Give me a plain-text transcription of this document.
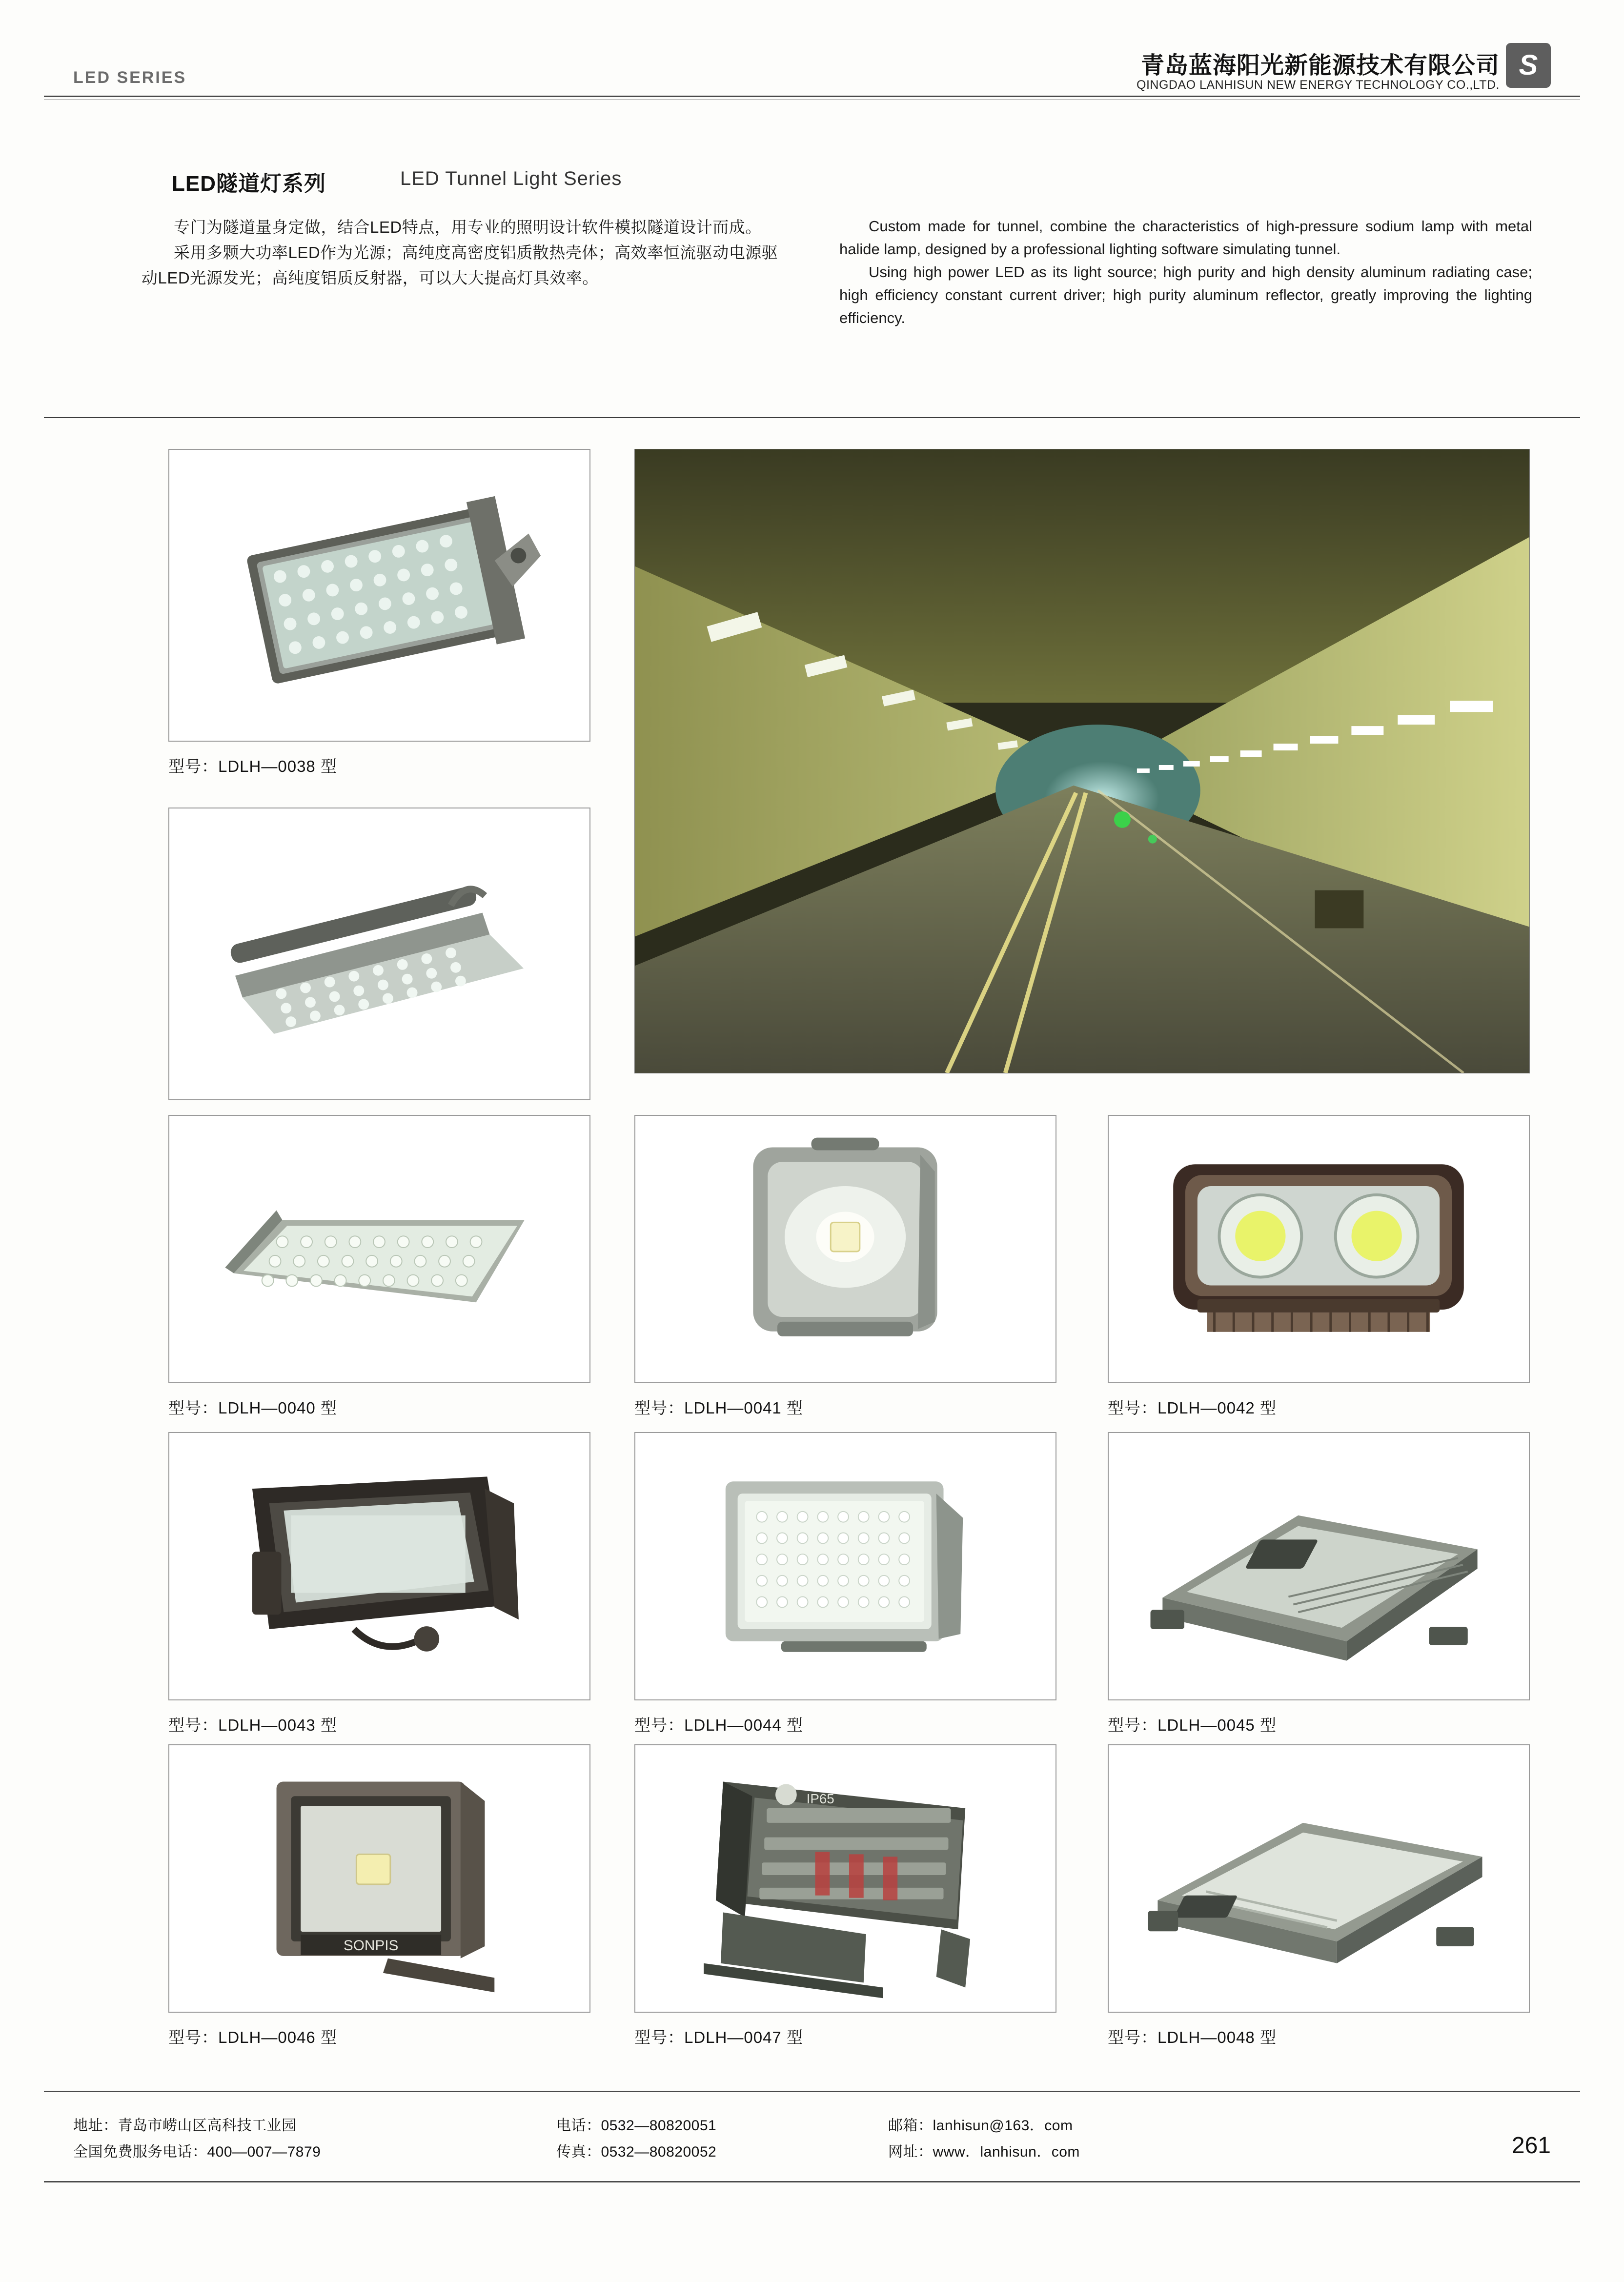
LED SERIES	青岛蓝海阳光新能源技术有限公司
QINGDAO LANHISUN NEW ENERGY TECHNOLOGY CO.,LTD.
S
LED隧道灯系列	LED Tunnel Light Series

专门为隧道量身定做，结合LED特点，用专业的照明设计软件模拟隧道设计而成。

采用多颗大功率LED作为光源；高纯度高密度铝质散热壳体；高效率恒流驱动电源驱动LED光源发光；高纯度铝质反射器，可以大大提高灯具效率。

Custom made for tunnel, combine the characteristics of high-pressure sodium lamp with metal halide lamp, designed by a professional lighting software simulating tunnel.

Using high power LED as its light source; high purity and high density aluminum radiating case; high efficiency constant current driver; high purity aluminum reflector, greatly improving the lighting efficiency.

型号：LDLH—0038 型
型号：LDLH—0040 型	型号：LDLH—0041 型	型号：LDLH—0042 型
型号：LDLH—0043 型	型号：LDLH—0044 型	型号：LDLH—0045 型
SONPIS
型号：LDLH—0046 型
IP65
型号：LDLH—0047 型	型号：LDLH—0048 型
地址：青岛市崂山区高科技工业园
全国免费服务电话：400—007—7879
电话：0532—80820051
传真：0532—80820052
邮箱：lanhisun@163．com
网址：www．lanhisun．com	261
